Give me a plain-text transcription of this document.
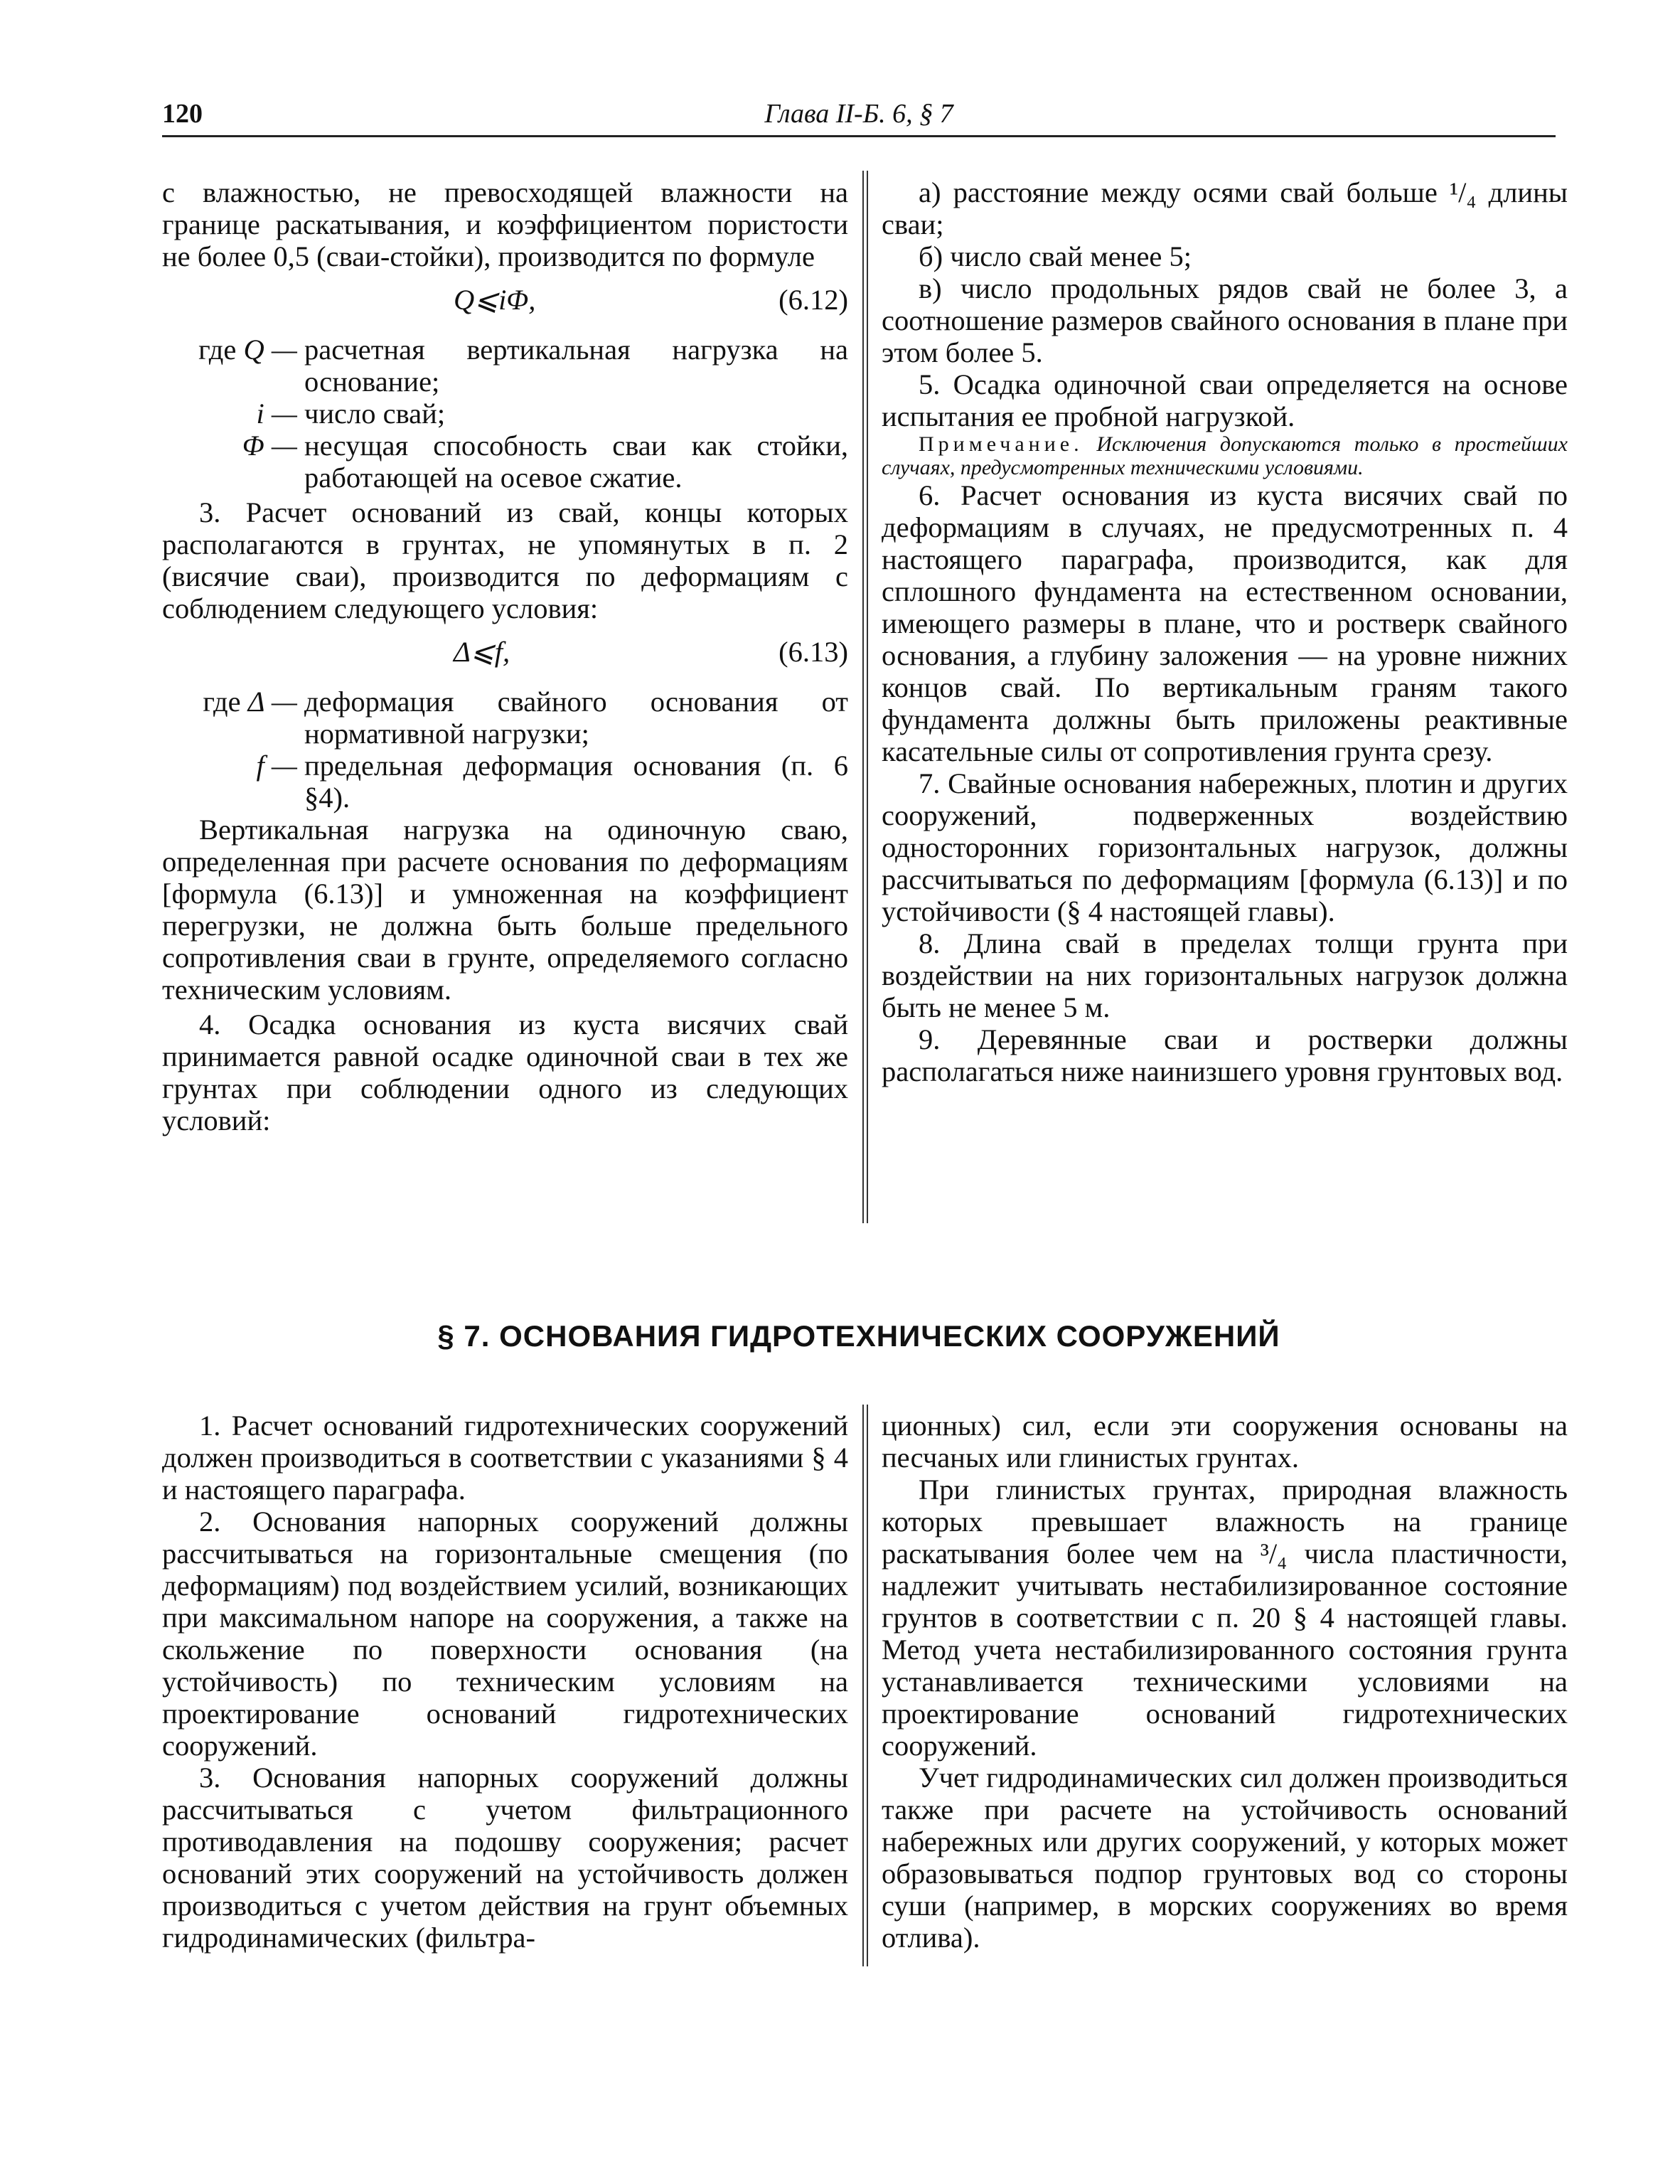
120	Глава II-Б. 6, § 7

с влажностью, не превосходящей влажности на границе раскатывания, и коэффициентом пористости не более 0,5 (сваи-стойки), производится по формуле

Q⩽iΦ,	(6.12)
где Q — расчетная вертикальная нагрузка на основание;
i — число свай;
Φ — несущая способность сваи как стойки, работающей на осевое сжатие.

3. Расчет оснований из свай, концы которых располагаются в грунтах, не упомянутых в п. 2 (висячие сваи), производится по деформациям с соблюдением следующего условия:

Δ⩽f,	(6.13)
где Δ — деформация свайного основания от нормативной нагрузки;
f — предельная деформация основания (п. 6 §4).

Вертикальная нагрузка на одиночную сваю, определенная при расчете основания по деформациям [формула (6.13)] и умноженная на коэффициент перегрузки, не должна быть больше предельного сопротивления сваи в грунте, определяемого согласно техническим условиям.

4. Осадка основания из куста висячих свай принимается равной осадке одиночной сваи в тех же грунтах при соблюдении одного из следующих условий:

а) расстояние между осями свай больше ¹/₄ длины сваи;

б) число свай менее 5;

в) число продольных рядов свай не более 3, а соотношение размеров свайного основания в плане при этом более 5.

5. Осадка одиночной сваи определяется на основе испытания ее пробной нагрузкой.

Примечание. Исключения допускаются только в простейших случаях, предусмотренных техническими условиями.

6. Расчет основания из куста висячих свай по деформациям в случаях, не предусмотренных п. 4 настоящего параграфа, производится, как для сплошного фундамента на естественном основании, имеющего размеры в плане, что и ростверк свайного основания, а глубину заложения — на уровне нижних концов свай. По вертикальным граням такого фундамента должны быть приложены реактивные касательные силы от сопротивления грунта срезу.

7. Свайные основания набережных, плотин и других сооружений, подверженных воздействию односторонних горизонтальных нагрузок, должны рассчитываться по деформациям [формула (6.13)] и по устойчивости (§ 4 настоящей главы).

8. Длина свай в пределах толщи грунта при воздействии на них горизонтальных нагрузок должна быть не менее 5 м.

9. Деревянные сваи и ростверки должны располагаться ниже наинизшего уровня грунтовых вод.

§ 7. ОСНОВАНИЯ ГИДРОТЕХНИЧЕСКИХ СООРУЖЕНИЙ

1. Расчет оснований гидротехнических сооружений должен производиться в соответствии с указаниями § 4 и настоящего параграфа.

2. Основания напорных сооружений должны рассчитываться на горизонтальные смещения (по деформациям) под воздействием усилий, возникающих при максимальном напоре на сооружения, а также на скольжение по поверхности основания (на устойчивость) по техническим условиям на проектирование оснований гидротехнических сооружений.

3. Основания напорных сооружений должны рассчитываться с учетом фильтрационного противодавления на подошву сооружения; расчет оснований этих сооружений на устойчивость должен производиться с учетом действия на грунт объемных гидродинамических (фильтра-

ционных) сил, если эти сооружения основаны на песчаных или глинистых грунтах.

При глинистых грунтах, природная влажность которых превышает влажность на границе раскатывания более чем на ³/₄ числа пластичности, надлежит учитывать нестабилизированное состояние грунтов в соответствии с п. 20 § 4 настоящей главы. Метод учета нестабилизированного состояния грунта устанавливается техническими условиями на проектирование оснований гидротехнических сооружений.

Учет гидродинамических сил должен производиться также при расчете на устойчивость оснований набережных или других сооружений, у которых может образовываться подпор грунтовых вод со стороны суши (например, в морских сооружениях во время отлива).
